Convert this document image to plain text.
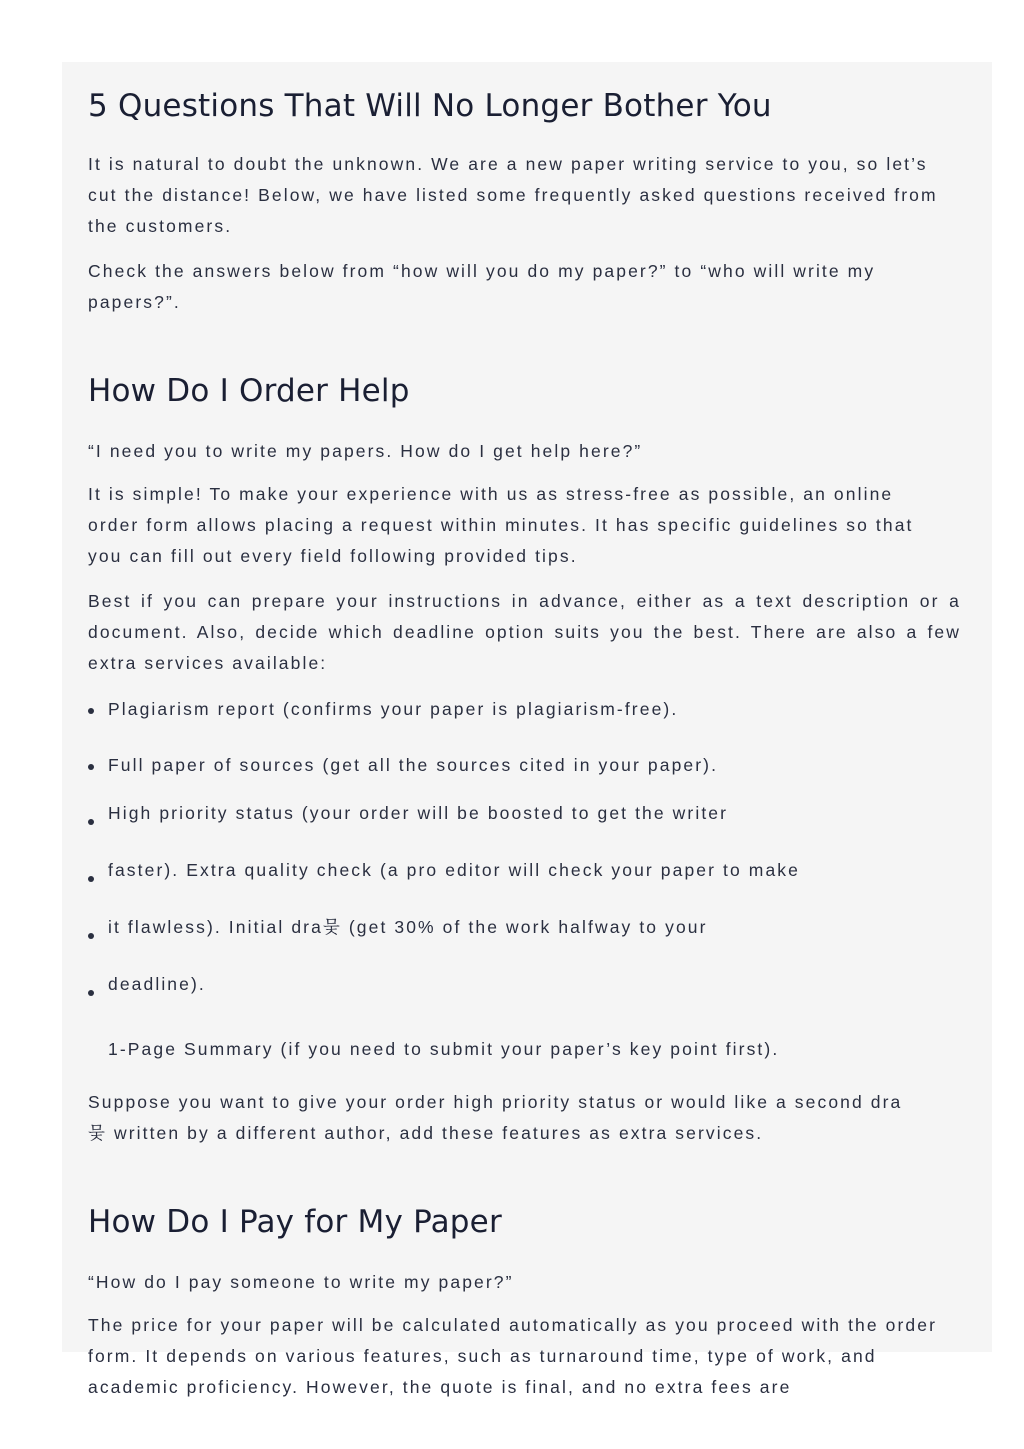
5 Questions That Will No Longer Bother You

It is natural to doubt the unknown. We are a new paper writing service to you, so let’s cut the distance! Below, we have listed some frequently asked questions received from the customers.

Check the answers below from “how will you do my paper?” to “who will write my papers?”.

How Do I Order Help

“I need you to write my papers. How do I get help here?”

It is simple! To make your experience with us as stress-free as possible, an online order form allows placing a request within minutes. It has specific guidelines so that you can fill out every field following provided tips.

Best if you can prepare your instructions in advance, either as a text description or a document. Also, decide which deadline option suits you the best. There are also a few extra services available:

Plagiarism report (confirms your paper is plagiarism-free).
Full paper of sources (get all the sources cited in your paper).
High priority status (your order will be boosted to get the writer
faster). Extra quality check (a pro editor will check your paper to make
it flawless). Initial dra뭊 (get 30% of the work halfway to your
deadline).

1-Page Summary (if you need to submit your paper’s key point first).

Suppose you want to give your order high priority status or would like a second dra뭊 written by a different author, add these features as extra services.

How Do I Pay for My Paper

“How do I pay someone to write my paper?”

The price for your paper will be calculated automatically as you proceed with the order form. It depends on various features, such as turnaround time, type of work, and academic proficiency. However, the quote is final, and no extra fees are
